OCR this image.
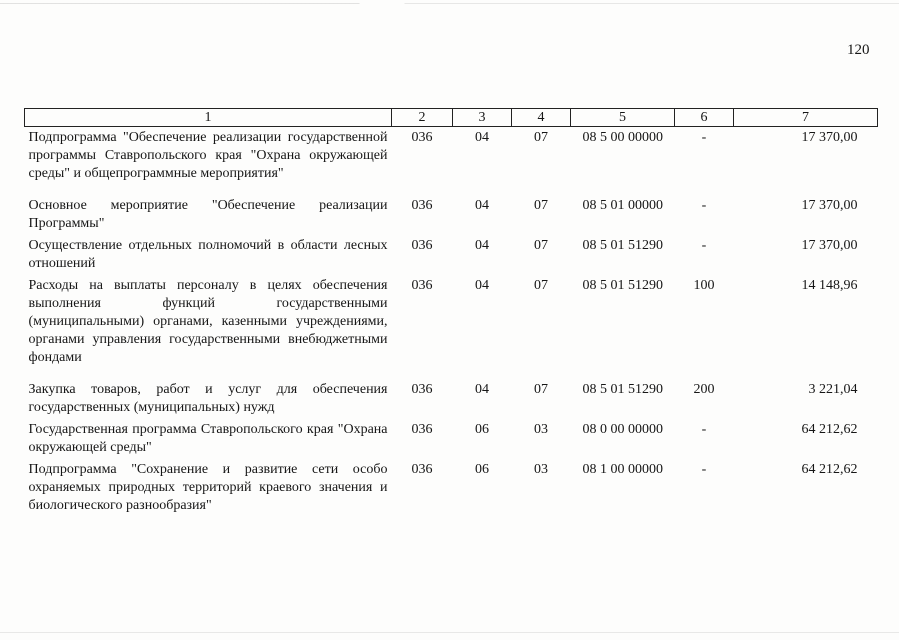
120
1	2	3	4	5	6	7
Подпрограмма "Обеспечение реализации государственной программы Ставропольского края "Охрана окружающей среды" и общепрограммные мероприятия"	036	04	07	08 5 00 00000	-	17 370,00
Основное мероприятие "Обеспечение реализации Программы"	036	04	07	08 5 01 00000	-	17 370,00
Осуществление отдельных полномочий в области лесных отношений	036	04	07	08 5 01 51290	-	17 370,00
Расходы на выплаты персоналу в целях обеспечения выполнения функций государственными (муниципальными) органами, казенными учреждениями, органами управления государственными внебюджетными фондами	036	04	07	08 5 01 51290	100	14 148,96
Закупка товаров, работ и услуг для обеспечения государственных (муниципальных) нужд	036	04	07	08 5 01 51290	200	3 221,04
Государственная программа Ставропольского края "Охрана окружающей среды"	036	06	03	08 0 00 00000	-	64 212,62
Подпрограмма "Сохранение и развитие сети особо охраняемых природных территорий краевого значения и биологического разнообразия"	036	06	03	08 1 00 00000	-	64 212,62
